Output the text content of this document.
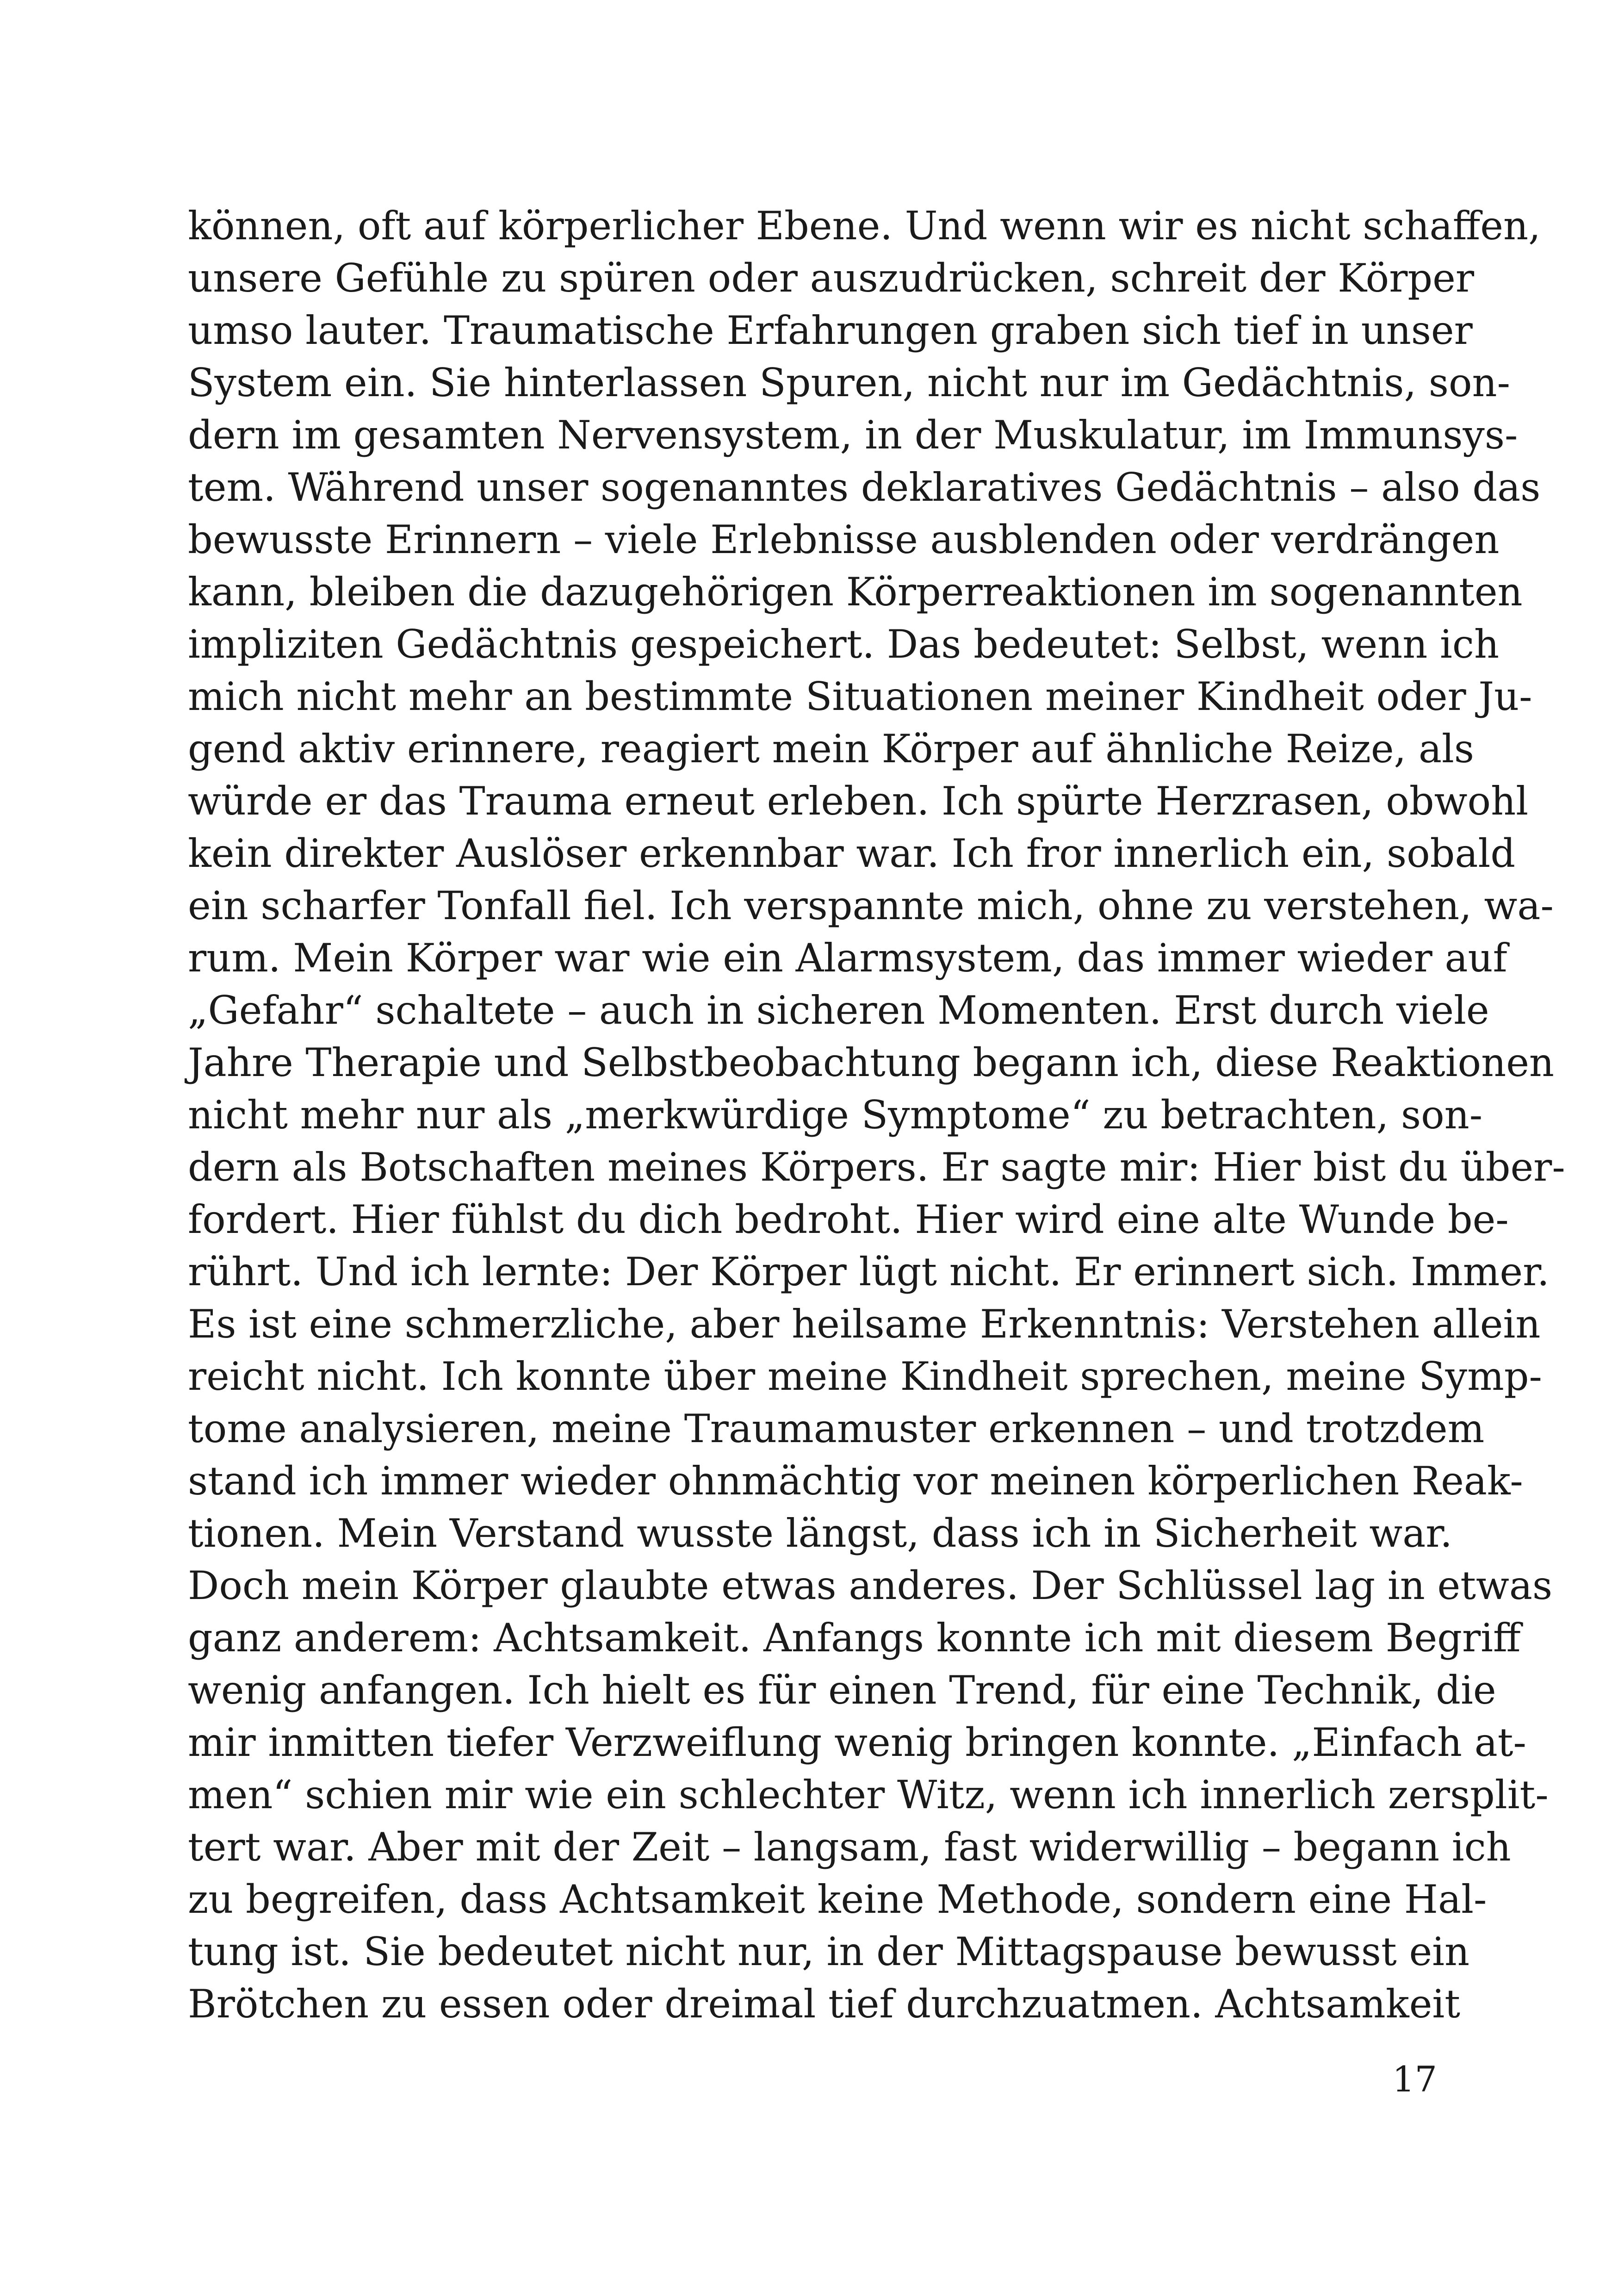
können, oft auf körperlicher Ebene. Und wenn wir es nicht schaffen,
unsere Gefühle zu spüren oder auszudrücken, schreit der Körper
umso lauter. Traumatische Erfahrungen graben sich tief in unser
System ein. Sie hinterlassen Spuren, nicht nur im Gedächtnis, son-
dern im gesamten Nervensystem, in der Muskulatur, im Immunsys-
tem. Während unser sogenanntes deklaratives Gedächtnis – also das
bewusste Erinnern – viele Erlebnisse ausblenden oder verdrängen
kann, bleiben die dazugehörigen Körperreaktionen im sogenannten
impliziten Gedächtnis gespeichert. Das bedeutet: Selbst, wenn ich
mich nicht mehr an bestimmte Situationen meiner Kindheit oder Ju-
gend aktiv erinnere, reagiert mein Körper auf ähnliche Reize, als
würde er das Trauma erneut erleben. Ich spürte Herzrasen, obwohl
kein direkter Auslöser erkennbar war. Ich fror innerlich ein, sobald
ein scharfer Tonfall fiel. Ich verspannte mich, ohne zu verstehen, wa-
rum. Mein Körper war wie ein Alarmsystem, das immer wieder auf
„Gefahr“ schaltete – auch in sicheren Momenten. Erst durch viele
Jahre Therapie und Selbstbeobachtung begann ich, diese Reaktionen
nicht mehr nur als „merkwürdige Symptome“ zu betrachten, son-
dern als Botschaften meines Körpers. Er sagte mir: Hier bist du über-
fordert. Hier fühlst du dich bedroht. Hier wird eine alte Wunde be-
rührt. Und ich lernte: Der Körper lügt nicht. Er erinnert sich. Immer.
Es ist eine schmerzliche, aber heilsame Erkenntnis: Verstehen allein
reicht nicht. Ich konnte über meine Kindheit sprechen, meine Symp-
tome analysieren, meine Traumamuster erkennen – und trotzdem
stand ich immer wieder ohnmächtig vor meinen körperlichen Reak-
tionen. Mein Verstand wusste längst, dass ich in Sicherheit war.
Doch mein Körper glaubte etwas anderes. Der Schlüssel lag in etwas
ganz anderem: Achtsamkeit. Anfangs konnte ich mit diesem Begriff
wenig anfangen. Ich hielt es für einen Trend, für eine Technik, die
mir inmitten tiefer Verzweiflung wenig bringen konnte. „Einfach at-
men“ schien mir wie ein schlechter Witz, wenn ich innerlich zersplit-
tert war. Aber mit der Zeit – langsam, fast widerwillig – begann ich
zu begreifen, dass Achtsamkeit keine Methode, sondern eine Hal-
tung ist. Sie bedeutet nicht nur, in der Mittagspause bewusst ein
Brötchen zu essen oder dreimal tief durchzuatmen. Achtsamkeit
17
